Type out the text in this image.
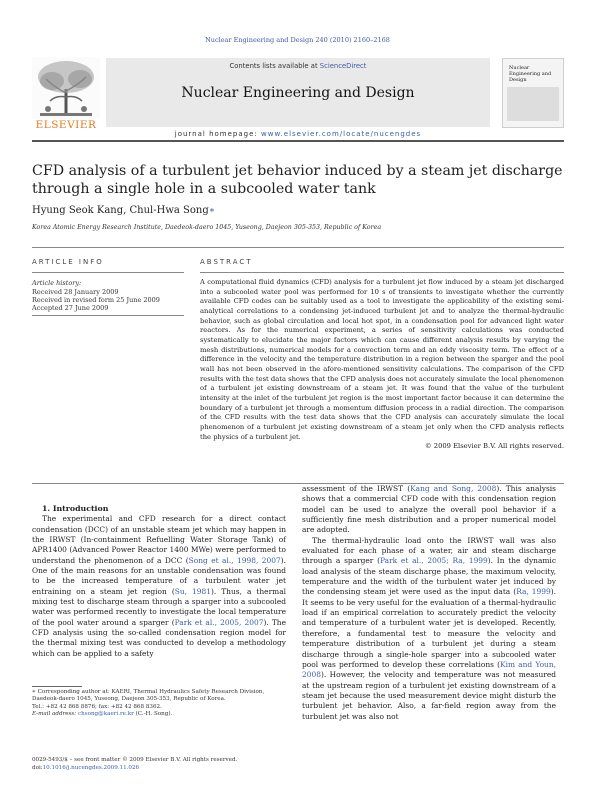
Nuclear Engineering and Design 240 (2010) 2160–2168
ELSEVIER
Contents lists available at ScienceDirect
Nuclear Engineering and Design
journal homepage: www.elsevier.com/locate/nucengdes
Nuclear Engineering and Design
CFD analysis of a turbulent jet behavior induced by a steam jet discharge through a single hole in a subcooled water tank
Hyung Seok Kang, Chul-Hwa Song∗
Korea Atomic Energy Research Institute, Daedeok-daero 1045, Yuseong, Daejeon 305-353, Republic of Korea
ARTICLE INFO	ABSTRACT
Article history:
Received 28 January 2009
Received in revised form 25 June 2009
Accepted 27 June 2009
A computational fluid dynamics (CFD) analysis for a turbulent jet flow induced by a steam jet discharged into a subcooled water pool was performed for 10 s of transients to investigate whether the currently available CFD codes can be suitably used as a tool to investigate the applicability of the existing semi-analytical correlations to a condensing jet-induced turbulent jet and to analyze the thermal-hydraulic behavior, such as global circulation and local hot spot, in a condensation pool for advanced light water reactors. As for the numerical experiment, a series of sensitivity calculations was conducted systematically to elucidate the major factors which can cause different analysis results by varying the mesh distributions, numerical models for a convection term and an eddy viscosity term. The effect of a difference in the velocity and the temperature distribution in a region between the sparger and the pool wall has not been observed in the afore-mentioned sensitivity calculations. The comparison of the CFD results with the test data shows that the CFD analysis does not accurately simulate the local phenomenon of a turbulent jet existing downstream of a steam jet. It was found that the value of the turbulent intensity at the inlet of the turbulent jet region is the most important factor because it can determine the boundary of a turbulent jet through a momentum diffusion process in a radial direction. The comparison of the CFD results with the test data shows that the CFD analysis can accurately simulate the local phenomenon of a turbulent jet existing downstream of a steam jet only when the CFD analysis reflects the physics of a turbulent jet.
© 2009 Elsevier B.V. All rights reserved.

1. Introduction

The experimental and CFD research for a direct contact condensation (DCC) of an unstable steam jet which may happen in the IRWST (In-containment Refuelling Water Storage Tank) of APR1400 (Advanced Power Reactor 1400 MWe) were performed to understand the phenomenon of a DCC (Song et al., 1998, 2007). One of the main reasons for an unstable condensation was found to be the increased temperature of a turbulent water jet entraining on a steam jet region (Su, 1981). Thus, a thermal mixing test to discharge steam through a sparger into a subcooled water was performed recently to investigate the local temperature of the pool water around a sparger (Park et al., 2005, 2007). The CFD analysis using the so-called condensation region model for the thermal mixing test was conducted to develop a methodology which can be applied to a safety

assessment of the IRWST (Kang and Song, 2008). This analysis shows that a commercial CFD code with this condensation region model can be used to analyze the overall pool behavior if a sufficiently fine mesh distribution and a proper numerical model are adopted.

The thermal-hydraulic load onto the IRWST wall was also evaluated for each phase of a water, air and steam discharge through a sparger (Park et al., 2005; Ra, 1999). In the dynamic load analysis of the steam discharge phase, the maximum velocity, temperature and the width of the turbulent water jet induced by the condensing steam jet were used as the input data (Ra, 1999). It seems to be very useful for the evaluation of a thermal-hydraulic load if an empirical correlation to accurately predict the velocity and temperature of a turbulent water jet is developed. Recently, therefore, a fundamental test to measure the velocity and temperature distribution of a turbulent jet during a steam discharge through a single-hole sparger into a subcooled water pool was performed to develop these correlations (Kim and Youn, 2008). However, the velocity and temperature was not measured at the upstream region of a turbulent jet existing downstream of a steam jet because the used measurement device might disturb the turbulent jet behavior. Also, a far-field region away from the turbulent jet was also not

∗ Corresponding author at: KAERI, Thermal Hydraulics Safety Research Division, Daedeok-daero 1045, Yuseong, Daejeon 305-353, Republic of Korea.
Tel.: +82 42 868 8876; fax: +82 42 868 8362.
E-mail address: chsong@kaeri.re.kr (C.-H. Song).
0029-5493/$ – see front matter © 2009 Elsevier B.V. All rights reserved.
doi:10.1016/j.nucengdes.2009.11.026
